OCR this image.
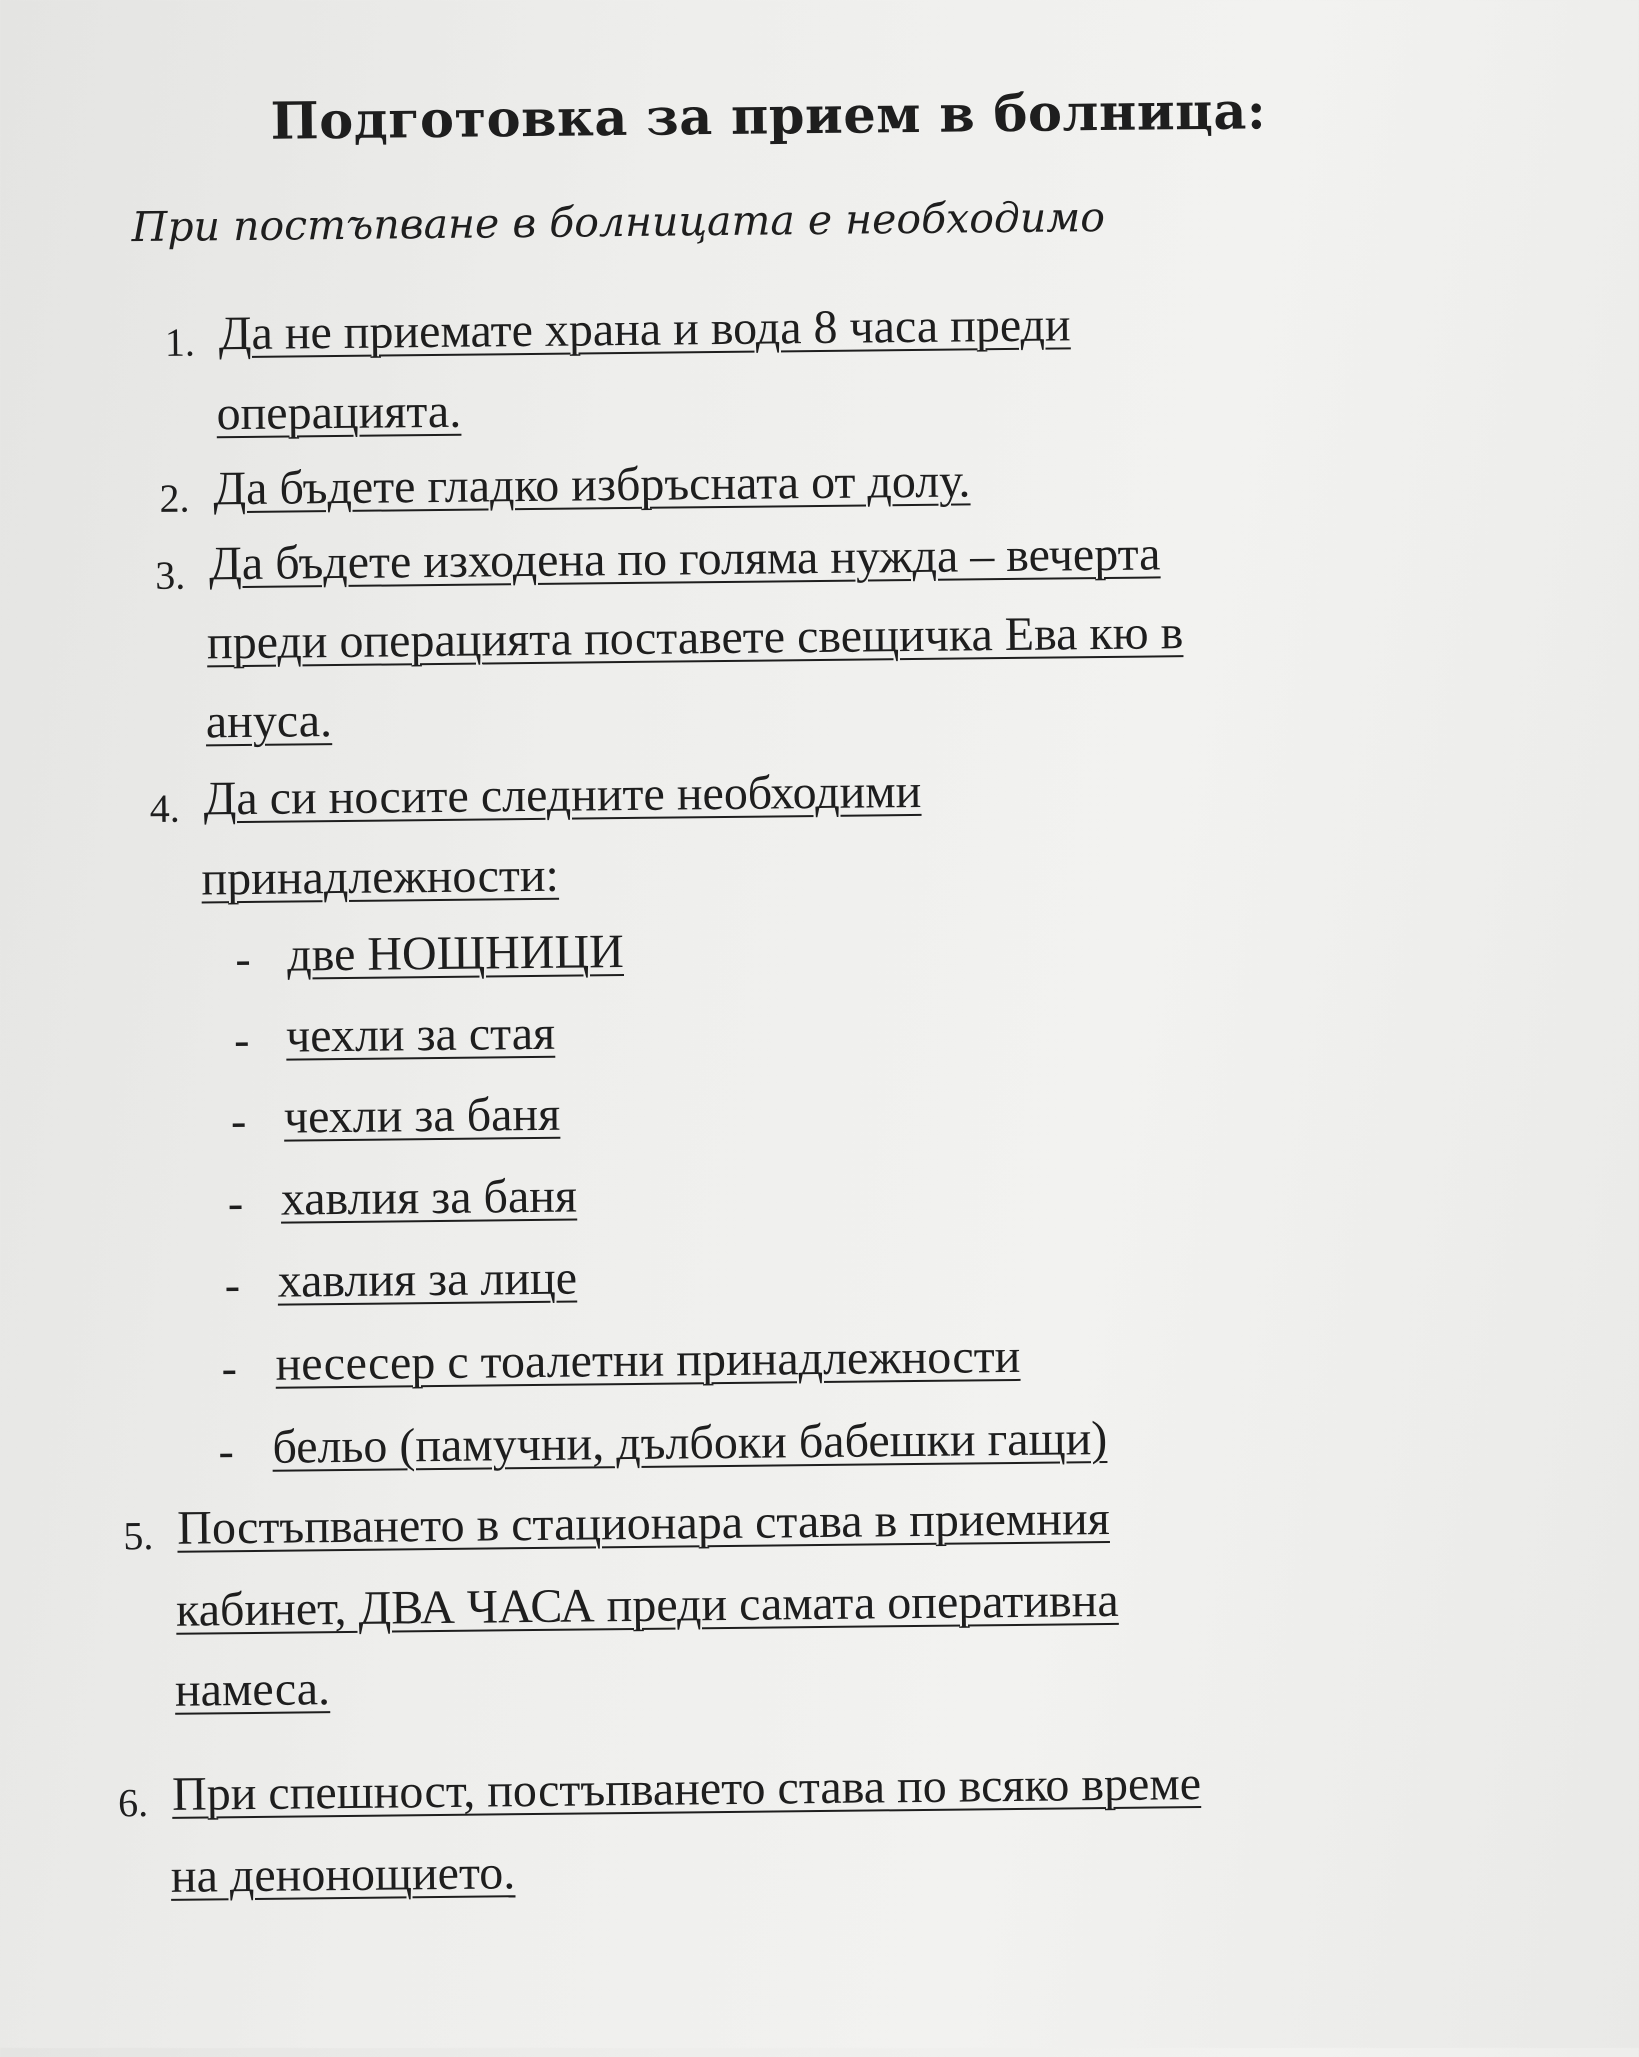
Подготовка за прием в болница:
При постъпване в болницата е необходимо
1. Да не приемате храна и вода 8 часа преди
операцията.
2. Да бъдете гладко избръсната от долу.
3. Да бъдете изходена по голяма нужда – вечерта
преди операцията поставете свещичка Ева кю в
ануса.
4. Да си носите следните необходими
принадлежности:
- две НОЩНИЦИ
- чехли за стая
- чехли за баня
- хавлия за баня
- хавлия за лице
- несесер с тоалетни принадлежности
- бельо (памучни, дълбоки бабешки гащи)
5. Постъпването в стационара става в приемния
кабинет, ДВА ЧАСА преди самата оперативна
намеса.
6. При спешност, постъпването става по всяко време
на денонощието.
